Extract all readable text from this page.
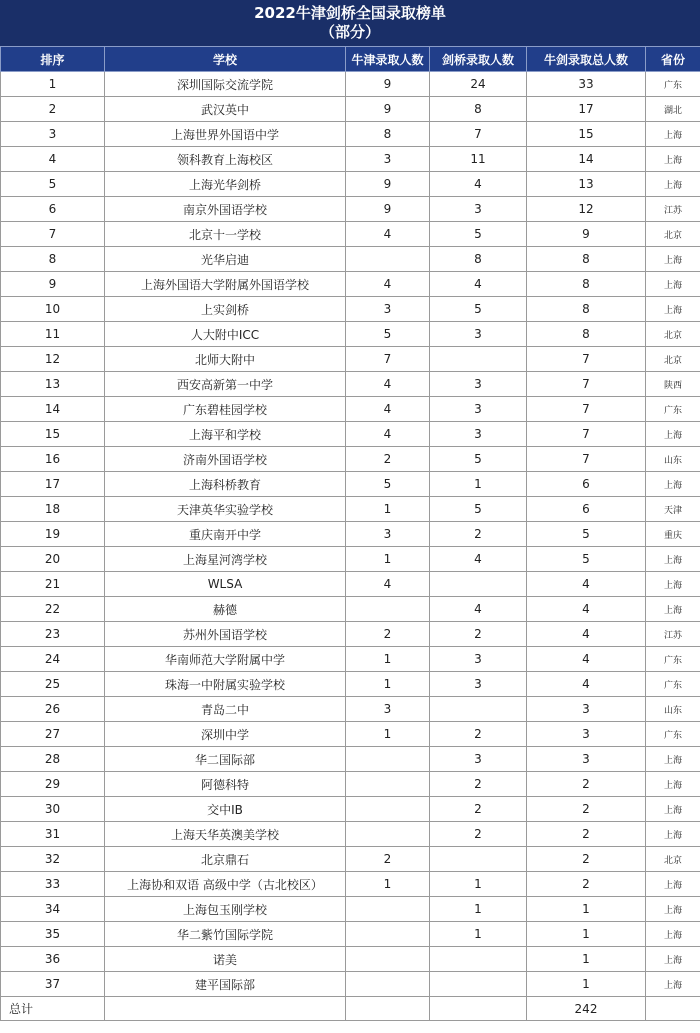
2022牛津剑桥全国录取榜单
（部分）
排序	学校	牛津录取人数	剑桥录取人数	牛剑录取总人数	省份
1	深圳国际交流学院	9	24	33	广东
2	武汉英中	9	8	17	湖北
3	上海世界外国语中学	8	7	15	上海
4	领科教育上海校区	3	11	14	上海
5	上海光华剑桥	9	4	13	上海
6	南京外国语学校	9	3	12	江苏
7	北京十一学校	4	5	9	北京
8	光华启迪		8	8	上海
9	上海外国语大学附属外国语学校	4	4	8	上海
10	上实剑桥	3	5	8	上海
11	人大附中ICC	5	3	8	北京
12	北师大附中	7		7	北京
13	西安高新第一中学	4	3	7	陕西
14	广东碧桂园学校	4	3	7	广东
15	上海平和学校	4	3	7	上海
16	济南外国语学校	2	5	7	山东
17	上海科桥教育	5	1	6	上海
18	天津英华实验学校	1	5	6	天津
19	重庆南开中学	3	2	5	重庆
20	上海星河湾学校	1	4	5	上海
21	WLSA	4		4	上海
22	赫德		4	4	上海
23	苏州外国语学校	2	2	4	江苏
24	华南师范大学附属中学	1	3	4	广东
25	珠海一中附属实验学校	1	3	4	广东
26	青岛二中	3		3	山东
27	深圳中学	1	2	3	广东
28	华二国际部		3	3	上海
29	阿德科特		2	2	上海
30	交中IB		2	2	上海
31	上海天华英澳美学校		2	2	上海
32	北京鼎石	2		2	北京
33	上海协和双语 高级中学（古北校区）	1	1	2	上海
34	上海包玉刚学校		1	1	上海
35	华二紫竹国际学院		1	1	上海
36	诺美			1	上海
37	建平国际部			1	上海
总计				242	
